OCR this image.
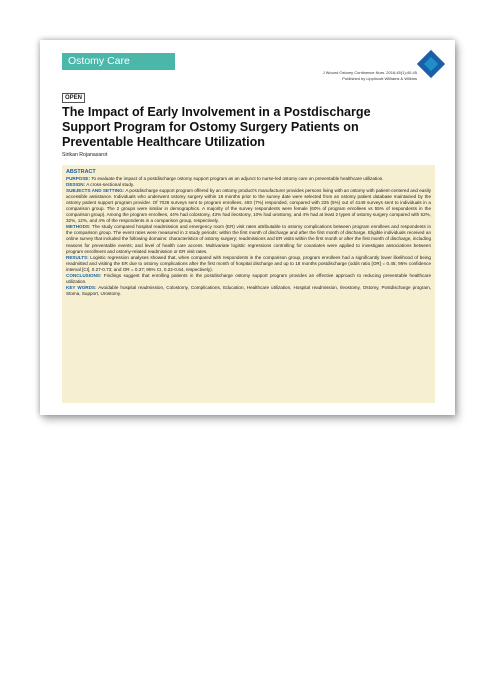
Ostomy Care
J Wound Ostomy Continence Nurs. 2016;45(1):40-45
Published by Lippincott Williams & Wilkins
OPEN
The Impact of Early Involvement in a Postdischarge Support Program for Ostomy Surgery Patients on Preventable Healthcare Utilization
Sirikan Rojanasarot
ABSTRACT

PURPOSE: To evaluate the impact of a postdischarge ostomy support program as an adjunct to nurse-led ostomy care on preventable healthcare utilization.

DESIGN: A cross-sectional study.

SUBJECTS AND SETTING: A postdischarge support program offered by an ostomy product's manufacturer provides persons living with an ostomy with patient-centered and easily accessible assistance. Individuals who underwent ostomy surgery within 18 months prior to the survey date were selected from an ostomy patient database maintained by the ostomy patient support program provider. Of 7026 surveys sent to program enrollees, 493 (7%) responded, compared with 225 (5%) out of 4149 surveys sent to individuals in a comparison group. The 2 groups were similar in demographics. A majority of the survey respondents were female (60% of program enrollees vs 55% of respondents in the comparison group). Among the program enrollees, 44% had colostomy, 43% had ileostomy, 10% had urostomy, and 4% had at least 2 types of ostomy surgery compared with 52%, 32%, 12%, and 4% of the respondents in a comparison group, respectively.

METHODS: The study compared hospital readmission and emergency room (ER) visit rates attributable to ostomy complications between program enrollees and respondents in the comparison group. The event rates were measured in 2 study periods: within the first month of discharge and after the first month of discharge. Eligible individuals received an online survey that included the following domains: characteristics of ostomy surgery; readmissions and ER visits within the first month or after the first month of discharge, including reasons for preventable events; and level of health care access. Multivariate logistic regressions controlling for covariates were applied to investigate associations between program enrollment and ostomy-related readmission or ER visit rates.

RESULTS: Logistic regression analyses showed that, when compared with respondents in the comparison group, program enrollees had a significantly lower likelihood of being readmitted and visiting the ER due to ostomy complications after the first month of hospital discharge and up to 18 months postdischarge (odds ratio [OR] = 0.45; 95% confidence interval [CI], 0.27-0.73; and OR = 0.37; 95% CI, 0.22-0.64, respectively).

CONCLUSIONS: Findings suggest that enrolling patients in the postdischarge ostomy support program provides an effective approach to reducing preventable healthcare utilization.

KEY WORDS: Avoidable hospital readmission, Colostomy, Complications, Education, Healthcare utilization, Hospital readmission, Ileostomy, Ostomy, Postdischarge program, Stoma, Support, Urostomy.
